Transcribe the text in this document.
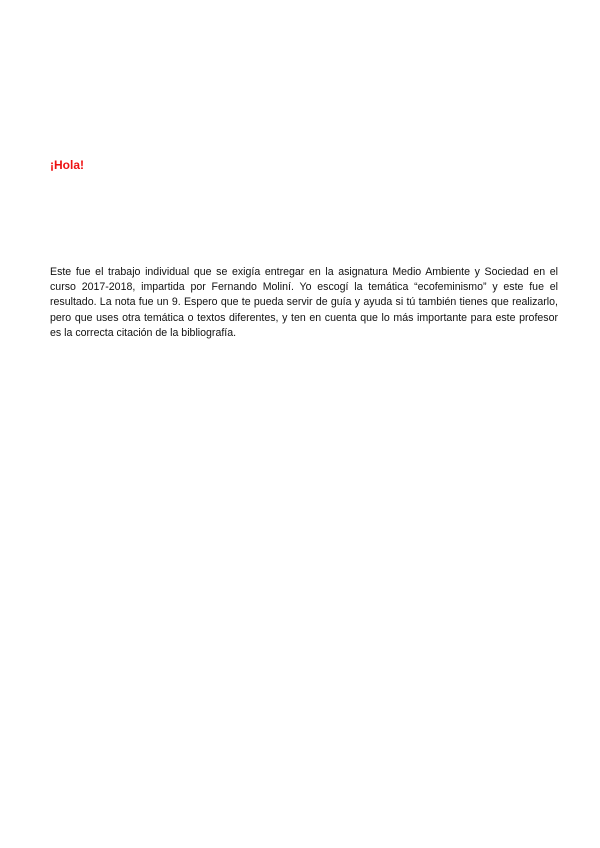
¡Hola!

Este fue el trabajo individual que se exigía entregar en la asignatura Medio Ambiente y Sociedad en el curso 2017-2018, impartida por Fernando Moliní. Yo escogí la temática “ecofeminismo” y este fue el resultado. La nota fue un 9. Espero que te pueda servir de guía y ayuda si tú también tienes que realizarlo, pero que uses otra temática o textos diferentes, y ten en cuenta que lo más importante para este profesor es la correcta citación de la bibliografía.
